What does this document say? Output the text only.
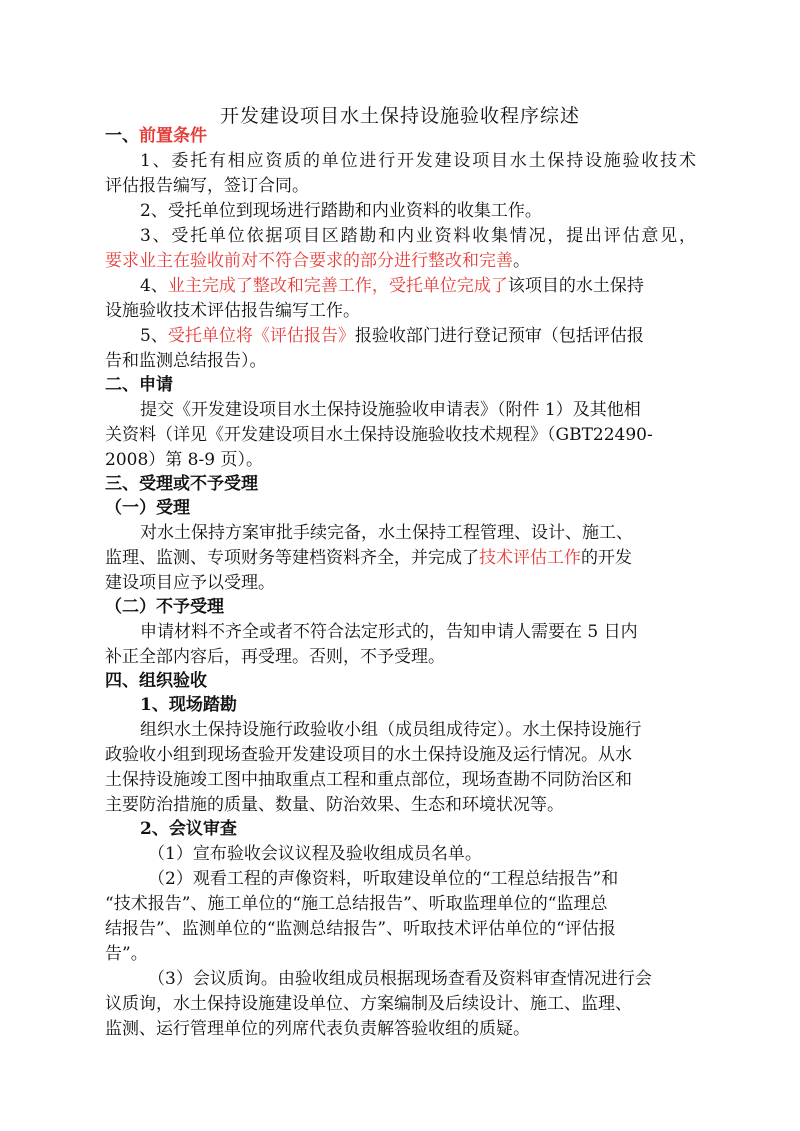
开发建设项目水土保持设施验收程序综述
一、前置条件
1、委托有相应资质的单位进行开发建设项目水土保持设施验收技术
评估报告编写，签订合同。
2、受托单位到现场进行踏勘和内业资料的收集工作。
3、受托单位依据项目区踏勘和内业资料收集情况，提出评估意见，
要求业主在验收前对不符合要求的部分进行整改和完善。
4、业主完成了整改和完善工作，受托单位完成了该项目的水土保持
设施验收技术评估报告编写工作。
5、受托单位将《评估报告》报验收部门进行登记预审（包括评估报
告和监测总结报告）。
二、申请
提交《开发建设项目水土保持设施验收申请表》（附件 1）及其他相
关资料（详见《开发建设项目水土保持设施验收技术规程》（GBT22490-
2008）第 8-9 页）。
三、受理或不予受理
（一）受理
对水土保持方案审批手续完备，水土保持工程管理、设计、施工、
监理、监测、专项财务等建档资料齐全，并完成了技术评估工作的开发
建设项目应予以受理。
（二）不予受理
申请材料不齐全或者不符合法定形式的，告知申请人需要在 5 日内
补正全部内容后，再受理。否则，不予受理。
四、组织验收
1、现场踏勘
组织水土保持设施行政验收小组（成员组成待定）。水土保持设施行
政验收小组到现场查验开发建设项目的水土保持设施及运行情况。从水
土保持设施竣工图中抽取重点工程和重点部位，现场查勘不同防治区和
主要防治措施的质量、数量、防治效果、生态和环境状况等。
2、会议审查
（1）宣布验收会议议程及验收组成员名单。
（2）观看工程的声像资料，听取建设单位的“工程总结报告”和
“技术报告”、施工单位的“施工总结报告”、听取监理单位的“监理总
结报告”、监测单位的“监测总结报告”、听取技术评估单位的“评估报
告”。
（3）会议质询。由验收组成员根据现场查看及资料审查情况进行会
议质询，水土保持设施建设单位、方案编制及后续设计、施工、监理、
监测、运行管理单位的列席代表负责解答验收组的质疑。
